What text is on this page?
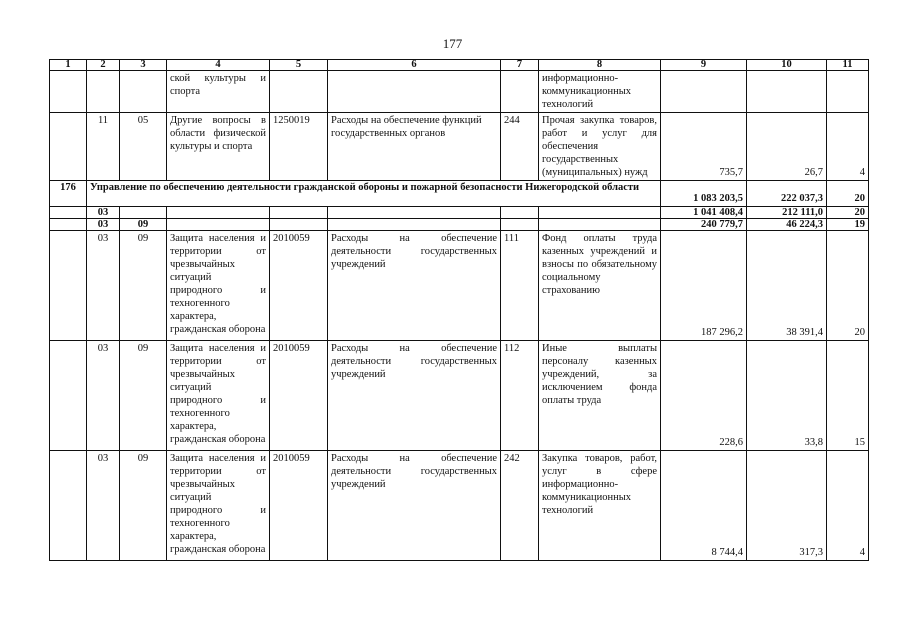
177
1	2	3	4	5	6	7	8	9	10	11
			ской культуры и спорта				информационно-коммуникационных технологий			
	11	05	Другие вопросы в области физической культуры и спорта	1250019	Расходы на обеспечение функций государственных органов	244	Прочая закупка товаров, работ и услуг для обеспечения государственных (муниципальных) нужд	735,7	26,7	4
176	Управление по обеспечению деятельности гражданской обороны и пожарной безопасности Нижегородской области							1 083 203,5	222 037,3	20
	03							1 041 408,4	212 111,0	20
	03	09						240 779,7	46 224,3	19
	03	09	Защита населения и территории от чрезвычайных ситуаций природного и техногенного характера, гражданская оборона	2010059	Расходы на обеспечение деятельности государственных учреждений	111	Фонд оплаты труда казенных учреждений и взносы по обязательному социальному страхованию	187 296,2	38 391,4	20
	03	09	Защита населения и территории от чрезвычайных ситуаций природного и техногенного характера, гражданская оборона	2010059	Расходы на обеспечение деятельности государственных учреждений	112	Иные выплаты персоналу казенных учреждений, за исключением фонда оплаты труда	228,6	33,8	15
	03	09	Защита населения и территории от чрезвычайных ситуаций природного и техногенного характера, гражданская оборона	2010059	Расходы на обеспечение деятельности государственных учреждений	242	Закупка товаров, работ, услуг в сфере информационно-коммуникационных технологий	8 744,4	317,3	4
